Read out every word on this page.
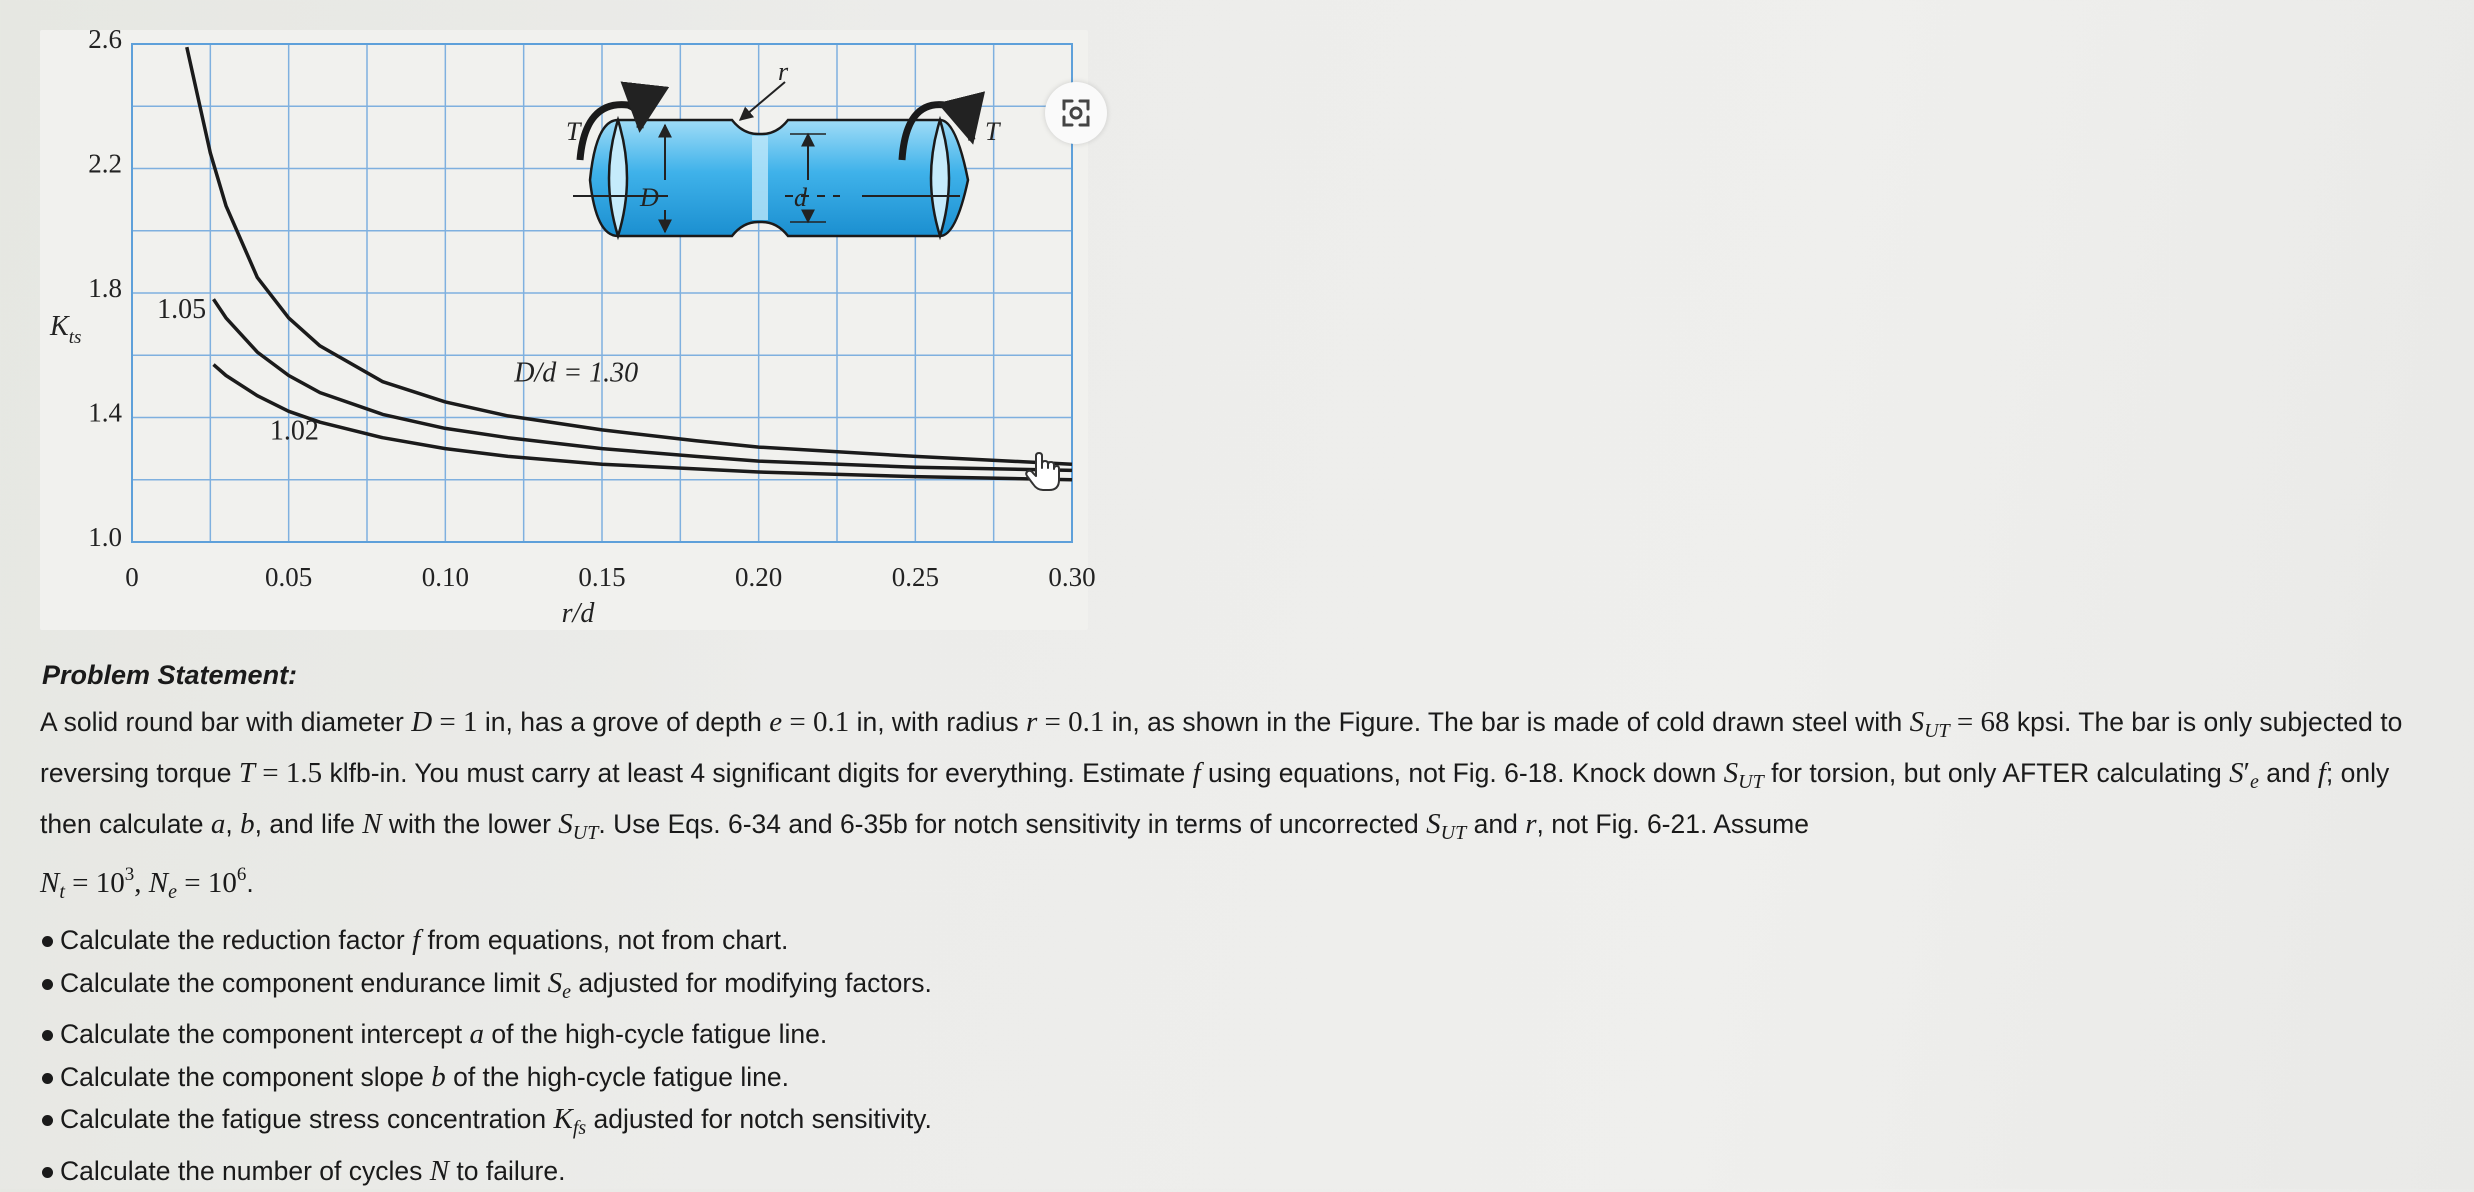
0	0.05	0.10	0.15	0.20	0.25	0.30
1.0
1.4
1.8
2.2
2.6
D/d = 1.30
1.05
1.02
T	T
D	d
r
$K_{ts}$
r/d
Problem Statement:
A solid round bar with diameter D = 1 in, has a grove of depth e = 0.1 in, with radius r = 0.1 in, as shown in the Figure. The bar is made of cold drawn steel with $S_{UT} = 68$ kpsi. The bar is only subjected to reversing torque T = 1.5 klfb-in. You must carry at least 4 significant digits for everything. Estimate f using equations, not Fig. 6-18. Knock down $S_{UT}$ for torsion, but only AFTER calculating $S'_e$ and f; only then calculate a, b, and life N with the lower $S_{UT}$. Use Eqs. 6-34 and 6-35b for notch sensitivity in terms of uncorrected $S_{UT}$ and r, not Fig. 6-21. Assume
$N_t = 10^3$, $N_e = 10^6$.
Calculate the reduction factor f from equations, not from chart.
Calculate the component endurance limit $S_e$ adjusted for modifying factors.
Calculate the component intercept a of the high-cycle fatigue line.
Calculate the component slope b of the high-cycle fatigue line.
Calculate the fatigue stress concentration $K_{fs}$ adjusted for notch sensitivity.
Calculate the number of cycles N to failure.
